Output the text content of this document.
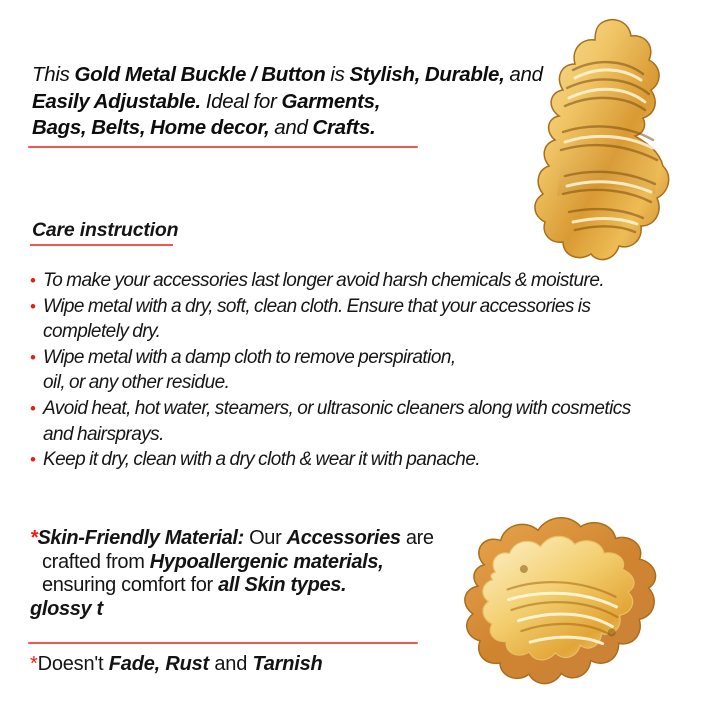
This Gold Metal Buckle / Button is Stylish, Durable, and
Easily Adjustable. Ideal for Garments,
Bags, Belts, Home decor, and Crafts.
Care instruction
• To make your accessories last longer avoid harsh chemicals & moisture.
• Wipe metal with a dry, soft, clean cloth. Ensure that your accessories is
completely dry.
• Wipe metal with a damp cloth to remove perspiration,
oil, or any other residue.
• Avoid heat, hot water, steamers, or ultrasonic cleaners along with cosmetics
and hairsprays.
• Keep it dry, clean with a dry cloth & wear it with panache.
*Skin-Friendly Material: Our Accessories are
crafted from Hypoallergenic materials,
ensuring comfort for all Skin types.
glossy t
*Doesn't Fade, Rust and Tarnish
